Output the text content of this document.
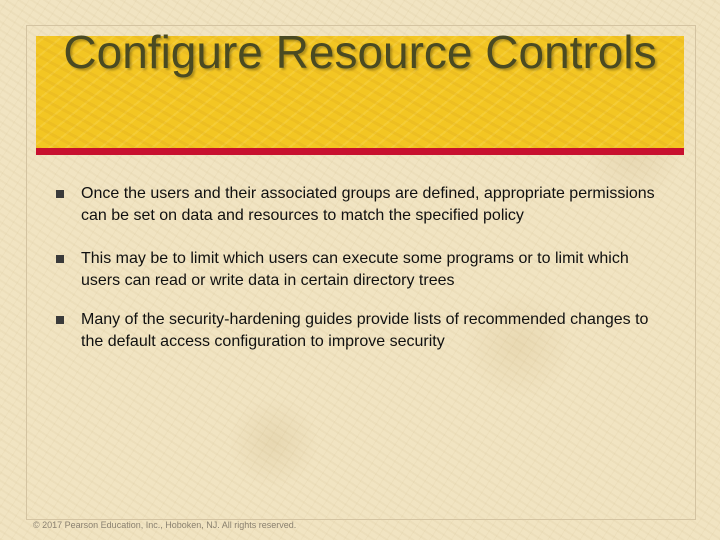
Configure Resource Controls
Once the users and their associated groups are defined, appropriate permissions can be set on data and resources to match the specified policy
This may be to limit which users can execute some programs or to limit which users can read or write data in certain directory trees
Many of the security-hardening guides provide lists of recommended changes to the default access configuration to improve security
© 2017 Pearson Education, Inc., Hoboken, NJ. All rights reserved.
